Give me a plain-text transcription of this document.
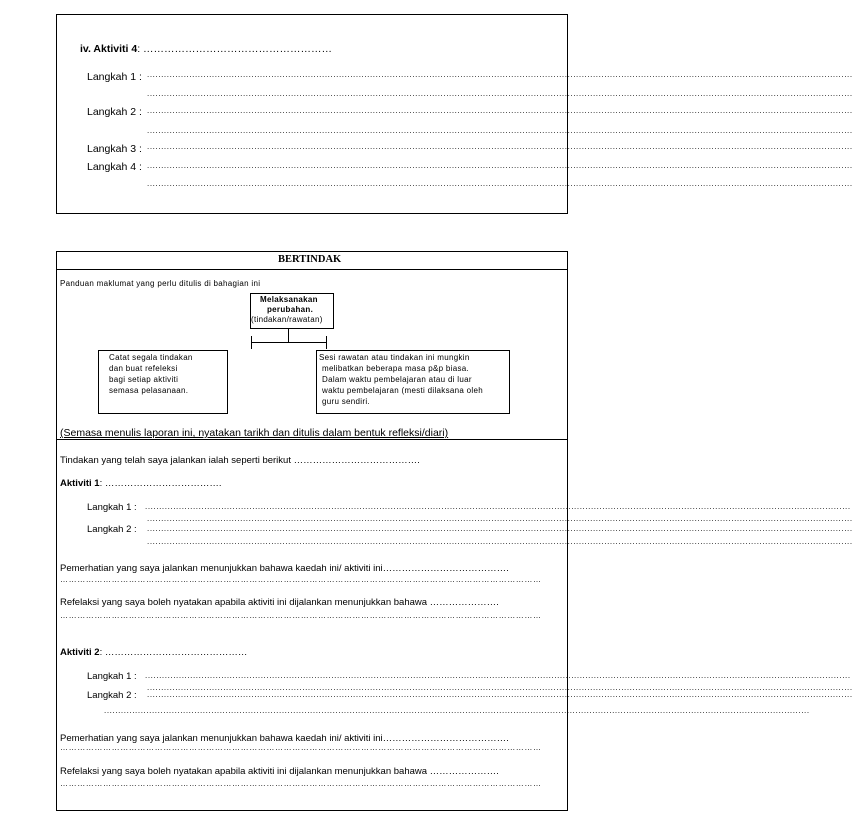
iv. Aktiviti 4: ………………………………………………
Langkah 1 : ..........................................................................................................................................................................................................................................................
..........................................................................................................................................................................................................................................................
Langkah 2 : ..........................................................................................................................................................................................................................................................
..........................................................................................................................................................................................................................................................
Langkah 3 : ..........................................................................................................................................................................................................................................................
Langkah 4 : ..........................................................................................................................................................................................................................................................
..........................................................................................................................................................................................................................................................
BERTINDAK
Panduan maklumat yang perlu ditulis di bahagian ini
Melaksanakan
perubahan.
(tindakan/rawatan)
Catat segala tindakan
dan buat refeleksi
bagi setiap aktiviti
semasa pelasanaan.
Sesi rawatan atau tindakan ini mungkin
melibatkan beberapa masa p&p biasa.
Dalam waktu pembelajaran atau di luar
waktu pembelajaran (mesti dilaksana oleh
guru sendiri.
(Semasa menulis laporan ini, nyatakan tarikh dan ditulis dalam bentuk refleksi/diari)
Tindakan yang telah saya jalankan ialah seperti berikut ………………………………….
Aktiviti 1: ……………………………….
Langkah 1 : ..........................................................................................................................................................................................................................................................
..........................................................................................................................................................................................................................................................
Langkah 2 : ..........................................................................................................................................................................................................................................................
..........................................................................................................................................................................................................................................................
Pemerhatian yang saya jalankan menunjukkan bahawa kaedah ini/ aktiviti ini………………………………….
……………………………………………………………………………………………………………………………………………………
Refelaksi yang saya boleh nyatakan apabila aktiviti ini dijalankan menunjukkan bahawa ………………….
……………………………………………………………………………………………………………………………………………………
Aktiviti 2: ………………………………………
Langkah 1 : ..........................................................................................................................................................................................................................................................
..........................................................................................................................................................................................................................................................
Langkah 2 : ..........................................................................................................................................................................................................................................................
..........................................................................................................................................................................................................................................................
Pemerhatian yang saya jalankan menunjukkan bahawa kaedah ini/ aktiviti ini………………………………….
……………………………………………………………………………………………………………………………………………………
Refelaksi yang saya boleh nyatakan apabila aktiviti ini dijalankan menunjukkan bahawa ………………….
……………………………………………………………………………………………………………………………………………………
